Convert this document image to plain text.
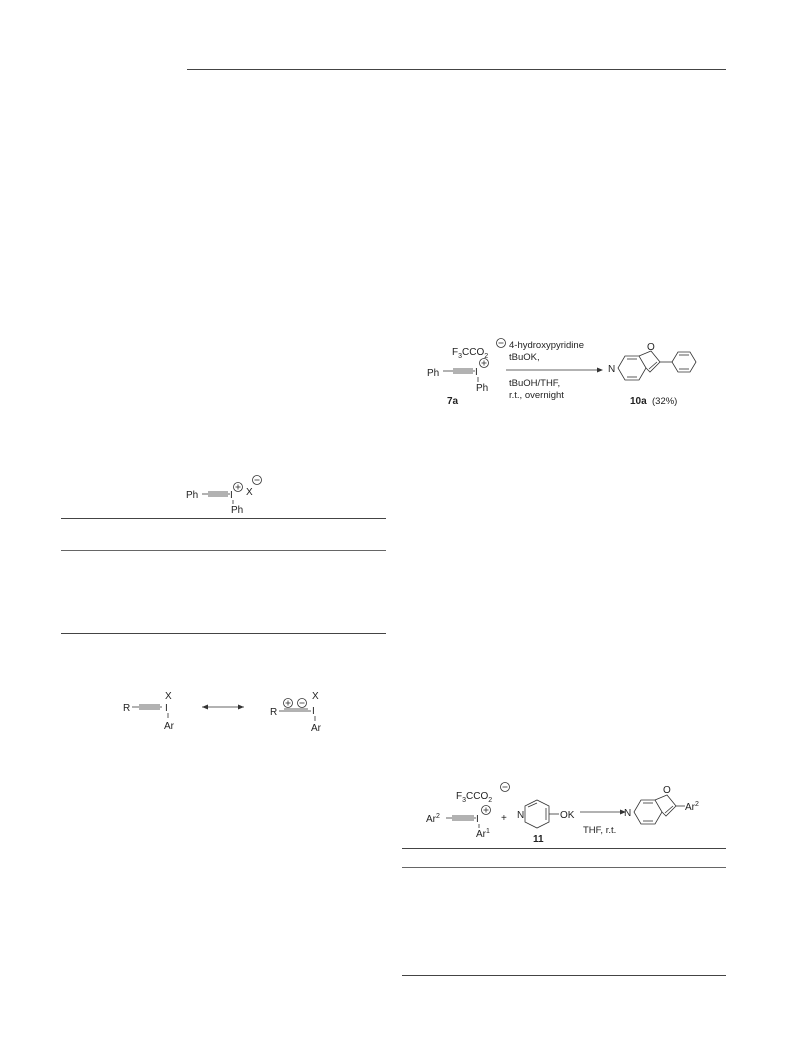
$F_3CCO_2$
Ph	I
Ph
7a
4-hydroxypyridine
tBuOK,
tBuOH/THF,
r.t., overnight
N
O
10a (32%)
Ph	I X
Ph
R
X
I
Ar
R
X
I
Ar
$F_3CCO_2$
Ar$^2$	I
$Ar^1$
+ N	OK
11
THF, r.t.
N
O
Ar$^2$
